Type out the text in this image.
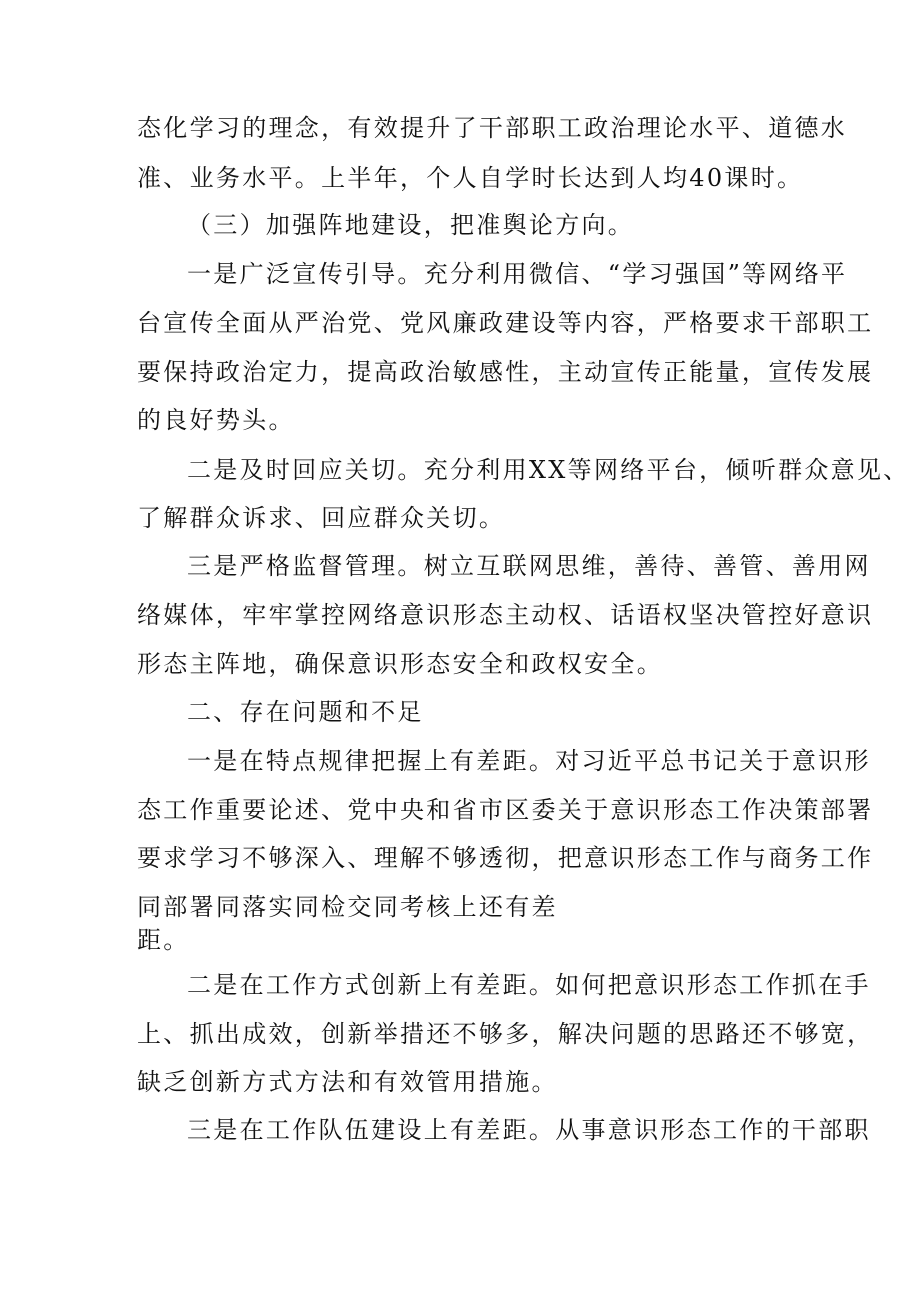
态化学习的理念，有效提升了干部职工政治理论水平、道德水
准、业务水平。上半年，个人自学时长达到人均40课时。
（三）加强阵地建设，把准舆论方向。
一是广泛宣传引导。充分利用微信、“学习强国”等网络平
台宣传全面从严治党、党风廉政建设等内容，严格要求干部职工
要保持政治定力，提高政治敏感性，主动宣传正能量，宣传发展
的良好势头。
二是及时回应关切。充分利用XX等网络平台，倾听群众意见、
了解群众诉求、回应群众关切。
三是严格监督管理。树立互联网思维，善待、善管、善用网
络媒体，牢牢掌控网络意识形态主动权、话语权坚决管控好意识
形态主阵地，确保意识形态安全和政权安全。
二、存在问题和不足
一是在特点规律把握上有差距。对习近平总书记关于意识形
态工作重要论述、党中央和省市区委关于意识形态工作决策部署
要求学习不够深入、理解不够透彻，把意识形态工作与商务工作
同部署同落实同检交同考核上还有差
距。
二是在工作方式创新上有差距。如何把意识形态工作抓在手
上、抓出成效，创新举措还不够多，解决问题的思路还不够宽，
缺乏创新方式方法和有效管用措施。
三是在工作队伍建设上有差距。从事意识形态工作的干部职
